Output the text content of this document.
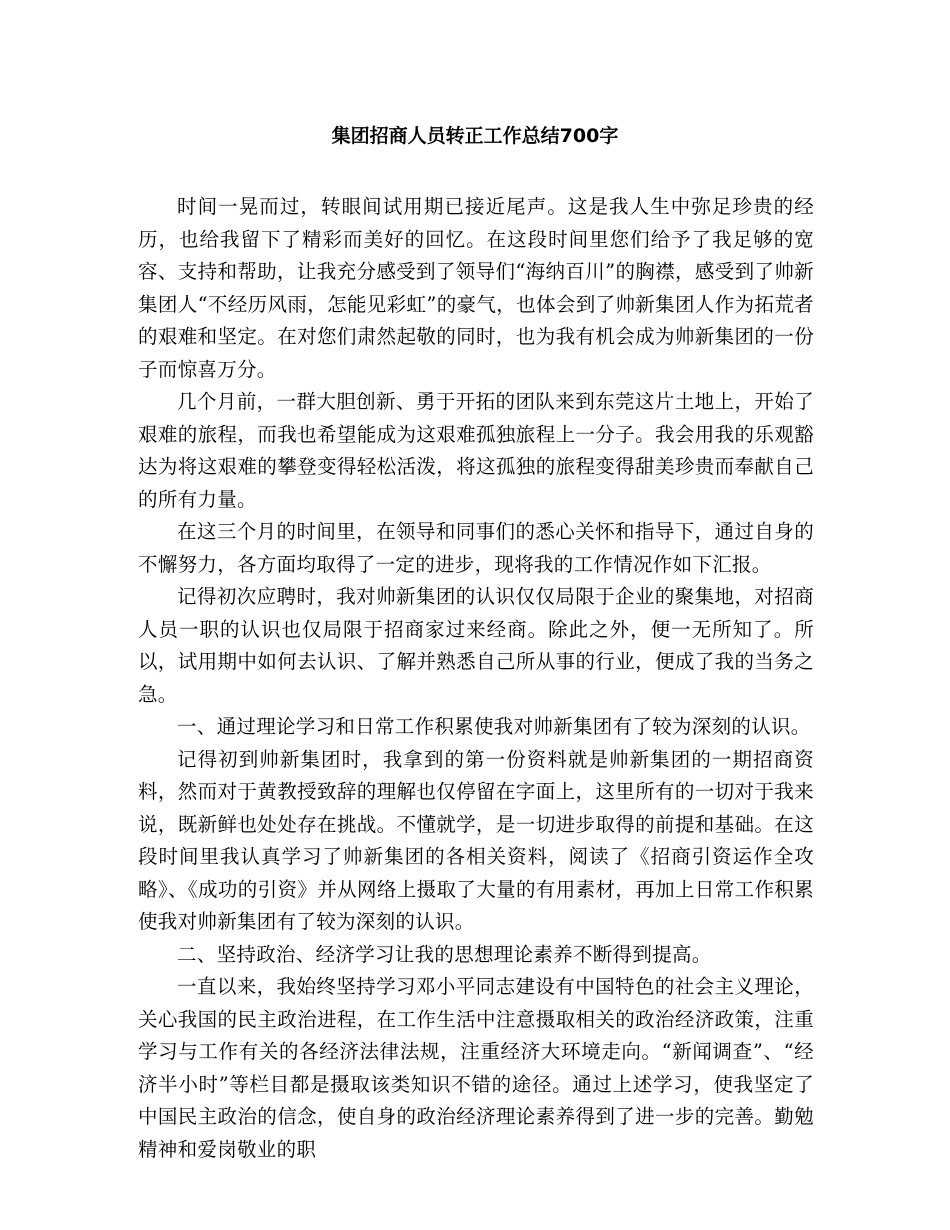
集团招商人员转正工作总结700字

时间一晃而过，转眼间试用期已接近尾声。这是我人生中弥足珍贵的经历，也给我留下了精彩而美好的回忆。在这段时间里您们给予了我足够的宽容、支持和帮助，让我充分感受到了领导们“海纳百川”的胸襟，感受到了帅新集团人“不经历风雨，怎能见彩虹”的豪气，也体会到了帅新集团人作为拓荒者的艰难和坚定。在对您们肃然起敬的同时，也为我有机会成为帅新集团的一份子而惊喜万分。

几个月前，一群大胆创新、勇于开拓的团队来到东莞这片土地上，开始了艰难的旅程，而我也希望能成为这艰难孤独旅程上一分子。我会用我的乐观豁达为将这艰难的攀登变得轻松活泼，将这孤独的旅程变得甜美珍贵而奉献自己的所有力量。

在这三个月的时间里，在领导和同事们的悉心关怀和指导下，通过自身的不懈努力，各方面均取得了一定的进步，现将我的工作情况作如下汇报。

记得初次应聘时，我对帅新集团的认识仅仅局限于企业的聚集地，对招商人员一职的认识也仅局限于招商家过来经商。除此之外，便一无所知了。所以，试用期中如何去认识、了解并熟悉自己所从事的行业，便成了我的当务之急。

一、通过理论学习和日常工作积累使我对帅新集团有了较为深刻的认识。

记得初到帅新集团时，我拿到的第一份资料就是帅新集团的一期招商资料，然而对于黄教授致辞的理解也仅停留在字面上，这里所有的一切对于我来说，既新鲜也处处存在挑战。不懂就学，是一切进步取得的前提和基础。在这段时间里我认真学习了帅新集团的各相关资料，阅读了《招商引资运作全攻略》、《成功的引资》并从网络上摄取了大量的有用素材，再加上日常工作积累使我对帅新集团有了较为深刻的认识。

二、坚持政治、经济学习让我的思想理论素养不断得到提高。

一直以来，我始终坚持学习邓小平同志建设有中国特色的社会主义理论，关心我国的民主政治进程，在工作生活中注意摄取相关的政治经济政策，注重学习与工作有关的各经济法律法规，注重经济大环境走向。“新闻调查”、“经济半小时”等栏目都是摄取该类知识不错的途径。通过上述学习，使我坚定了中国民主政治的信念，使自身的政治经济理论素养得到了进一步的完善。勤勉精神和爱岗敬业的职
